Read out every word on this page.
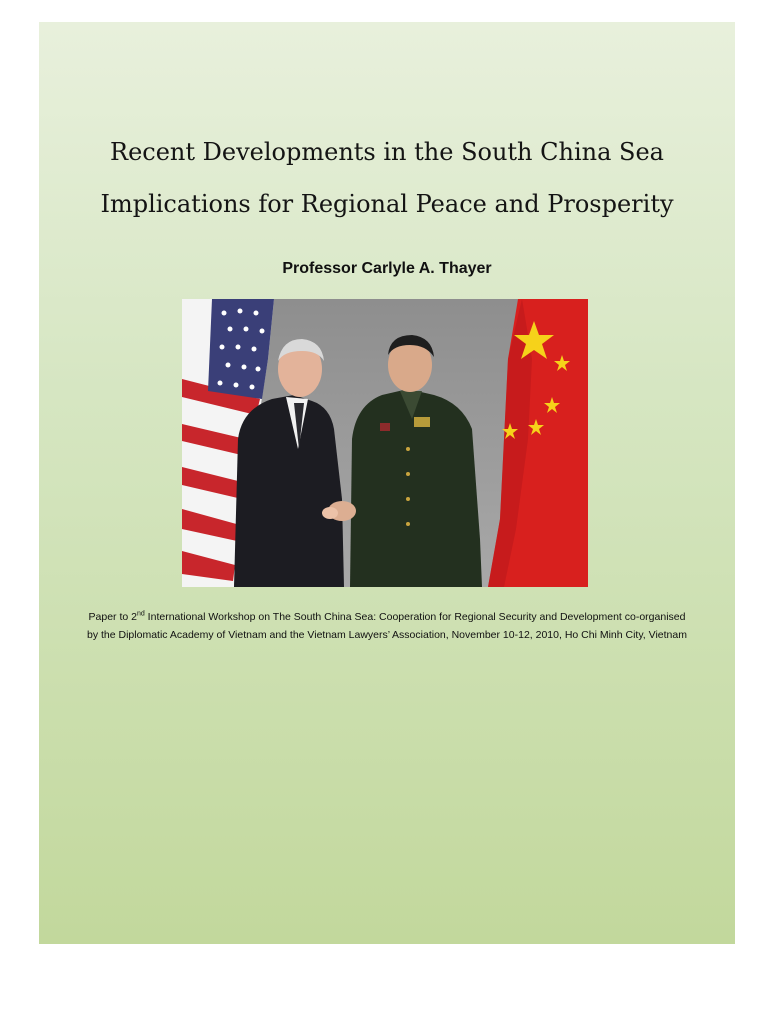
Recent Developments in the South China Sea
Implications for Regional Peace and Prosperity

Professor Carlyle A. Thayer

Paper to 2nd International Workshop on The South China Sea: Cooperation for Regional Security and Development co-organised by the Diplomatic Academy of Vietnam and the Vietnam Lawyers’ Association, November 10-12, 2010, Ho Chi Minh City, Vietnam
